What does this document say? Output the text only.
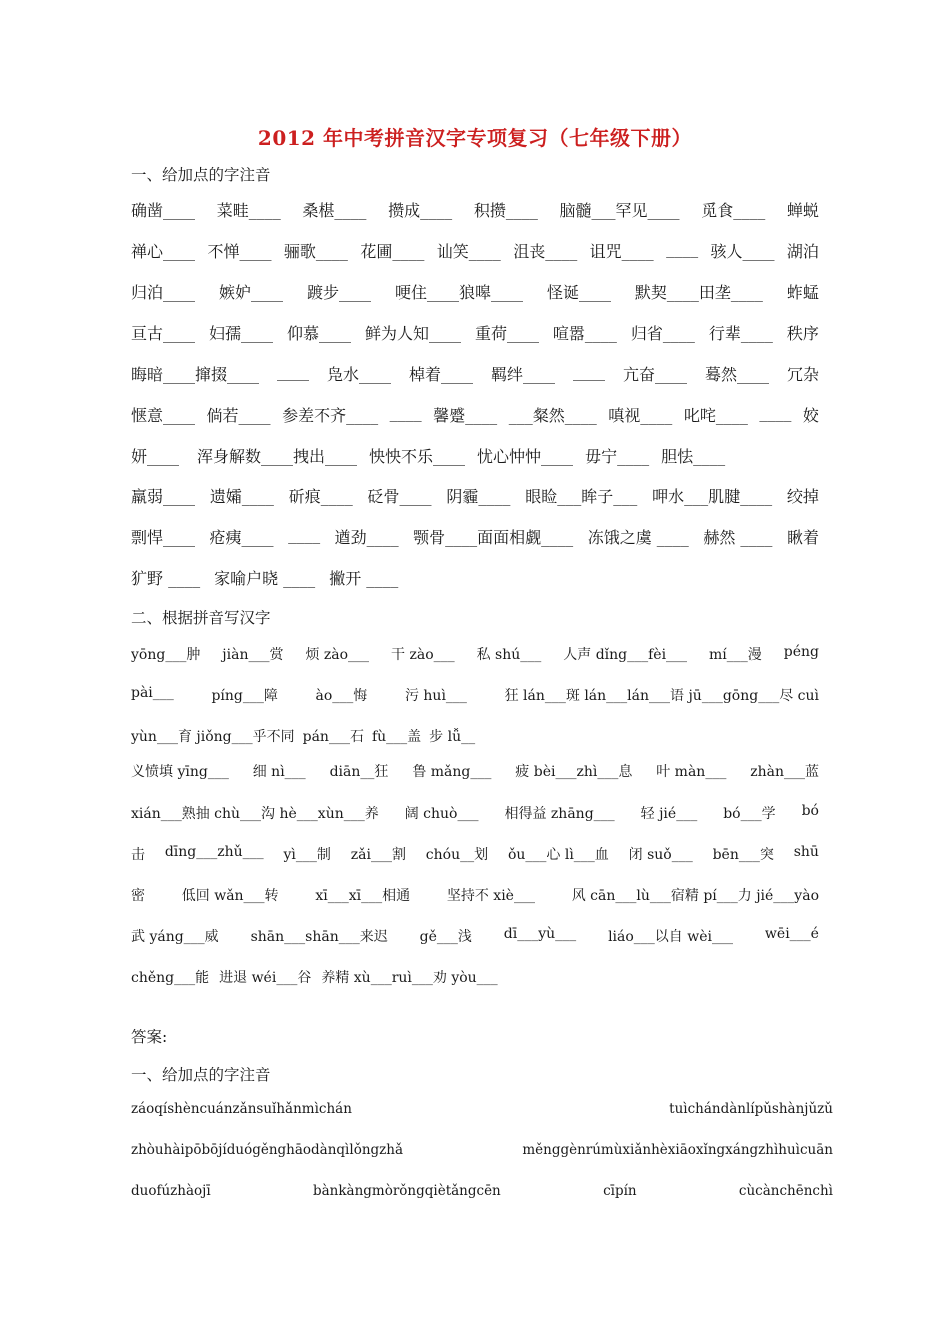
2012 年中考拼音汉字专项复习（七年级下册）
一、给加点的字注音
确凿____ 菜畦____ 桑椹____ 攒成____ 积攒____ 脑髓___罕见____ 觅食____ 蝉蜕
禅心____ 不惮____ 骊歌____ 花圃____ 讪笑____ 沮丧____ 诅咒____ ____ 骇人____ 湖泊
归泊____ 嫉妒____ 踱步____ 哽住____狼嗥____ 怪诞____ 默契____田垄____ 蚱蜢
亘古____ 妇孺____ 仰慕____ 鲜为人知____ 重荷____ 喧嚣____ 归省____ 行辈____ 秩序
晦暗____撺掇____ ____ 凫水____ 棹着____ 羁绊____ ____ 亢奋____ 蓦然____ 冗杂
惬意____ 倘若____ 参差不齐____ ____ 馨蹙____ ___粲然____ 嗔视____ 叱咤____ ____ 姣
妍____ 浑身解数____拽出____ 怏怏不乐____ 忧心忡忡____ 毋宁____ 胆怯____
羸弱____ 遗孀____ 斫痕____ 砭骨____ 阴霾____ 眼睑___眸子___ 呷水___肌腱____ 绞掉
剽悍____ 疮痍____ ____ 遒劲____ 颚骨____面面相觑____ 冻饿之虞 ____ 赫然 ____ 瞅着
犷野 ____ 家喻户晓 ____ 撇开 ____
二、根据拼音写汉字
yōng___肿 jiàn___赏 烦 zào___ 干 zào___ 私 shú___ 人声 dǐng___fèi___ mí___漫 péng
pài___	píng___障	ào___悔	污 huì___	狂 lán___斑 lán___lán___语 jū___gōng___尽 cuì
yùn___育 jiǒng___乎不同 pán___石 fù___盖 步 lǚ__
义愤填 yīng___ 细 nì___ diān__狂 鲁 mǎng___ 疲 bèi___zhì___息 叶 màn___ zhàn___蓝
xián___熟抽 chù___沟 hè___xùn___养 阔 chuò___ 相得益 zhāng___ 轻 jié___ bó___学 bó
击 dīng___zhǔ___ yì___制 zǎi___割 chóu__划 ǒu___心 lì___血 闭 suǒ___ bēn___突 shū
密	低回 wǎn___转	xī___xī___相通	坚持不 xiè___	风 cān___lù___宿精 pí___力 jié___yào
武 yáng___威 shān___shān___来迟 gě___浅 dī___yù___ liáo___以自 wèi___ wēi___é
chěng___能 进退 wéi___谷 养精 xù___ruì___劝 yòu___
答案:
一、给加点的字注音
záoqíshèncuánzǎnsuǐhǎnmìchán	tuìchándànlípǔshànjǔzǔ
zhòuhàipōbōjíduógěnghāodànqìlǒngzhǎ	měnggènrúmùxiǎnhèxiāoxǐngхángzhìhuìcuān
duofúzhàojī	bànkàngmòrǒngqiètǎngcēn	cīpín	cùcànchēnchì
